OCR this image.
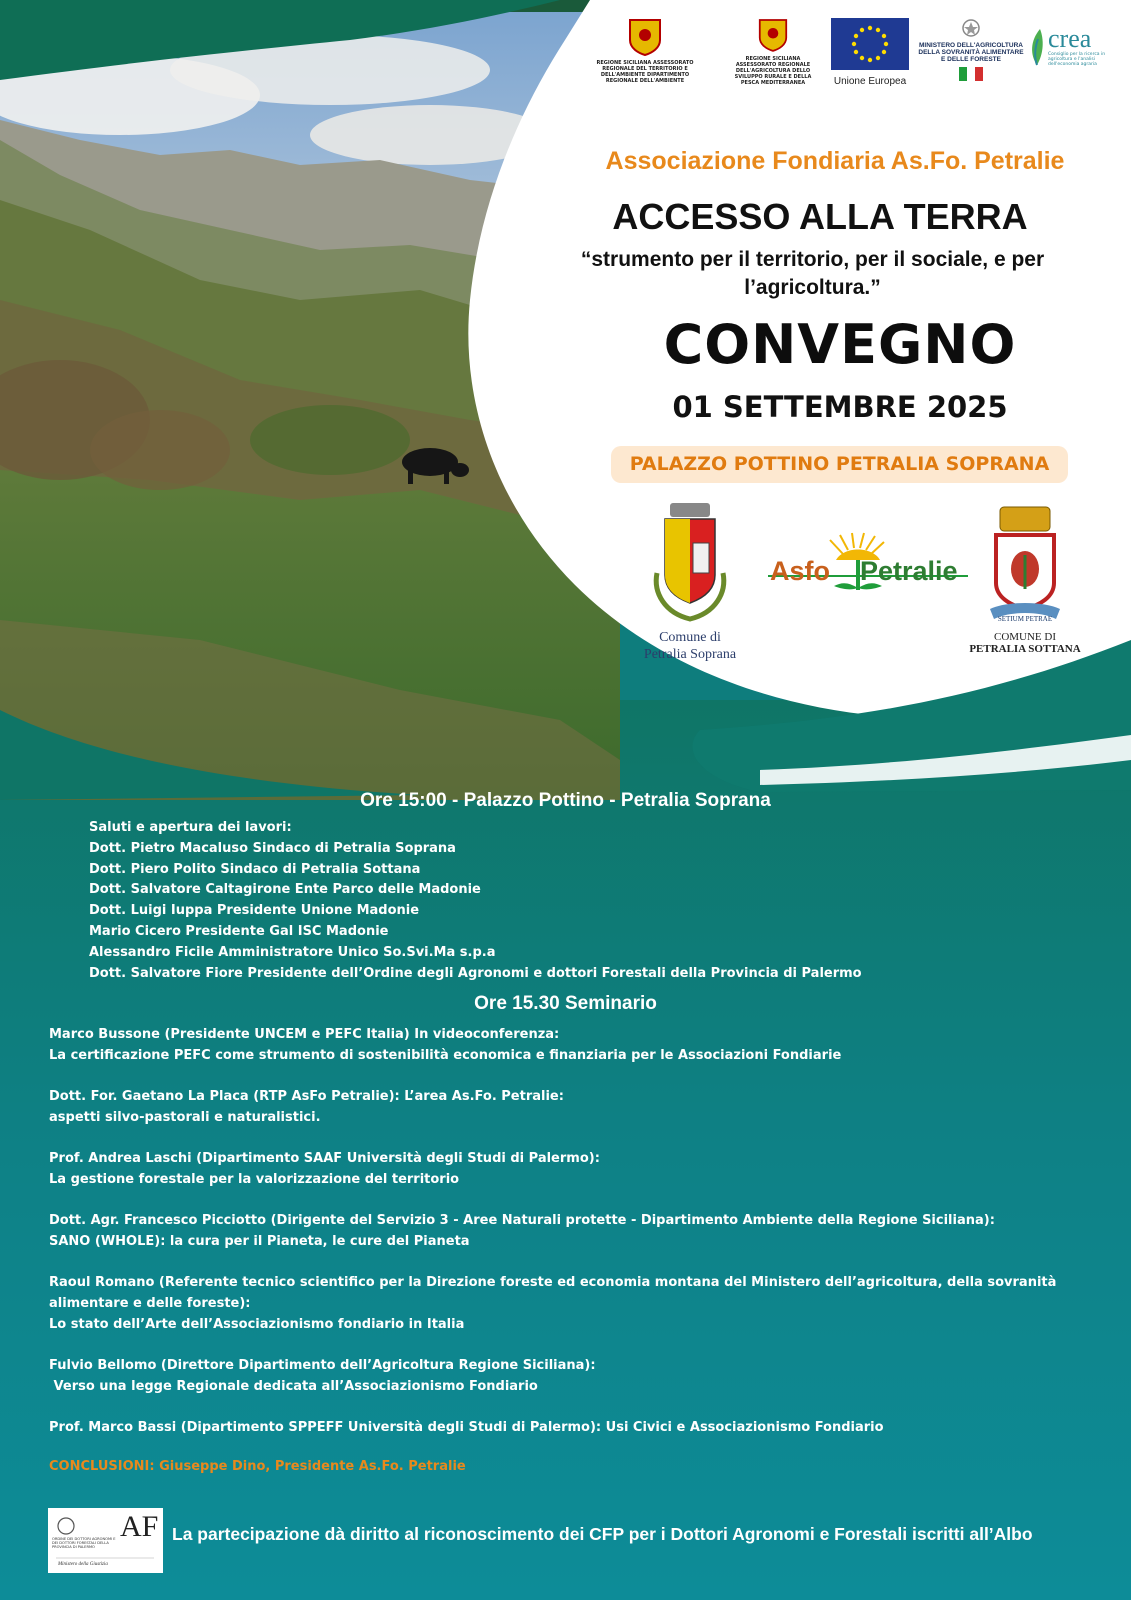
REGIONE SICILIANA ASSESSORATO REGIONALE DEL TERRITORIO E DELL'AMBIENTE DIPARTIMENTO REGIONALE DELL'AMBIENTE
REGIONE SICILIANA ASSESSORATO REGIONALE DELL'AGRICOLTURA DELLO SVILUPPO RURALE E DELLA PESCA MEDITERRANEA	Unione Europea
MINISTERO DELL'AGRICOLTURA DELLA SOVRANITÀ ALIMENTARE E DELLE FORESTE
crea
Consiglio per la ricerca in agricoltura e l'analisi dell'economia agraria
Associazione Fondiaria As.Fo. Petralie
ACCESSO ALLA TERRA
“strumento per il territorio, per il sociale, e per l’agricoltura.”
CONVEGNO
01 SETTEMBRE 2025
PALAZZO POTTINO PETRALIA SOPRANA
Comune di
Petralia Soprana
Asfo Petralie
SETIUM PETRAE
COMUNE DI
PETRALIA SOTTANA
Ore 15:00 - Palazzo Pottino - Petralia Soprana
Saluti e apertura dei lavori:
Dott. Pietro Macaluso Sindaco di Petralia Soprana
Dott. Piero Polito Sindaco di Petralia Sottana
Dott. Salvatore Caltagirone Ente Parco delle Madonie
Dott. Luigi Iuppa Presidente Unione Madonie
Mario Cicero Presidente Gal ISC Madonie
Alessandro Ficile Amministratore Unico So.Svi.Ma s.p.a
Dott. Salvatore Fiore Presidente dell’Ordine degli Agronomi e dottori Forestali della Provincia di Palermo
Ore 15.30 Seminario
Marco Bussone (Presidente UNCEM e PEFC Italia) In videoconferenza:
La certificazione PEFC come strumento di sostenibilità economica e finanziaria per le Associazioni Fondiarie
Dott. For. Gaetano La Placa (RTP AsFo Petralie): L’area As.Fo. Petralie:
aspetti silvo-pastorali e naturalistici.
Prof. Andrea Laschi (Dipartimento SAAF Università degli Studi di Palermo):
La gestione forestale per la valorizzazione del territorio
Dott. Agr. Francesco Picciotto (Dirigente del Servizio 3 - Aree Naturali protette - Dipartimento Ambiente della Regione Siciliana):
SANO (WHOLE): la cura per il Pianeta, le cure del Pianeta
Raoul Romano (Referente tecnico scientifico per la Direzione foreste ed economia montana del Ministero dell’agricoltura, della sovranità alimentare e delle foreste):
Lo stato dell’Arte dell’Associazionismo fondiario in Italia
Fulvio Bellomo (Direttore Dipartimento dell’Agricoltura Regione Siciliana):
Verso una legge Regionale dedicata all’Associazionismo Fondiario
Prof. Marco Bassi (Dipartimento SPPEFF Università degli Studi di Palermo): Usi Civici e Associazionismo Fondiario
CONCLUSIONI: Giuseppe Dino, Presidente As.Fo. Petralie
AF
ORDINE DEI DOTTORI AGRONOMI E DEI DOTTORI FORESTALI DELLA PROVINCIA DI PALERMO
Ministero della Giustizia
La partecipazione dà diritto al riconoscimento dei CFP per i Dottori Agronomi e Forestali iscritti all’Albo
